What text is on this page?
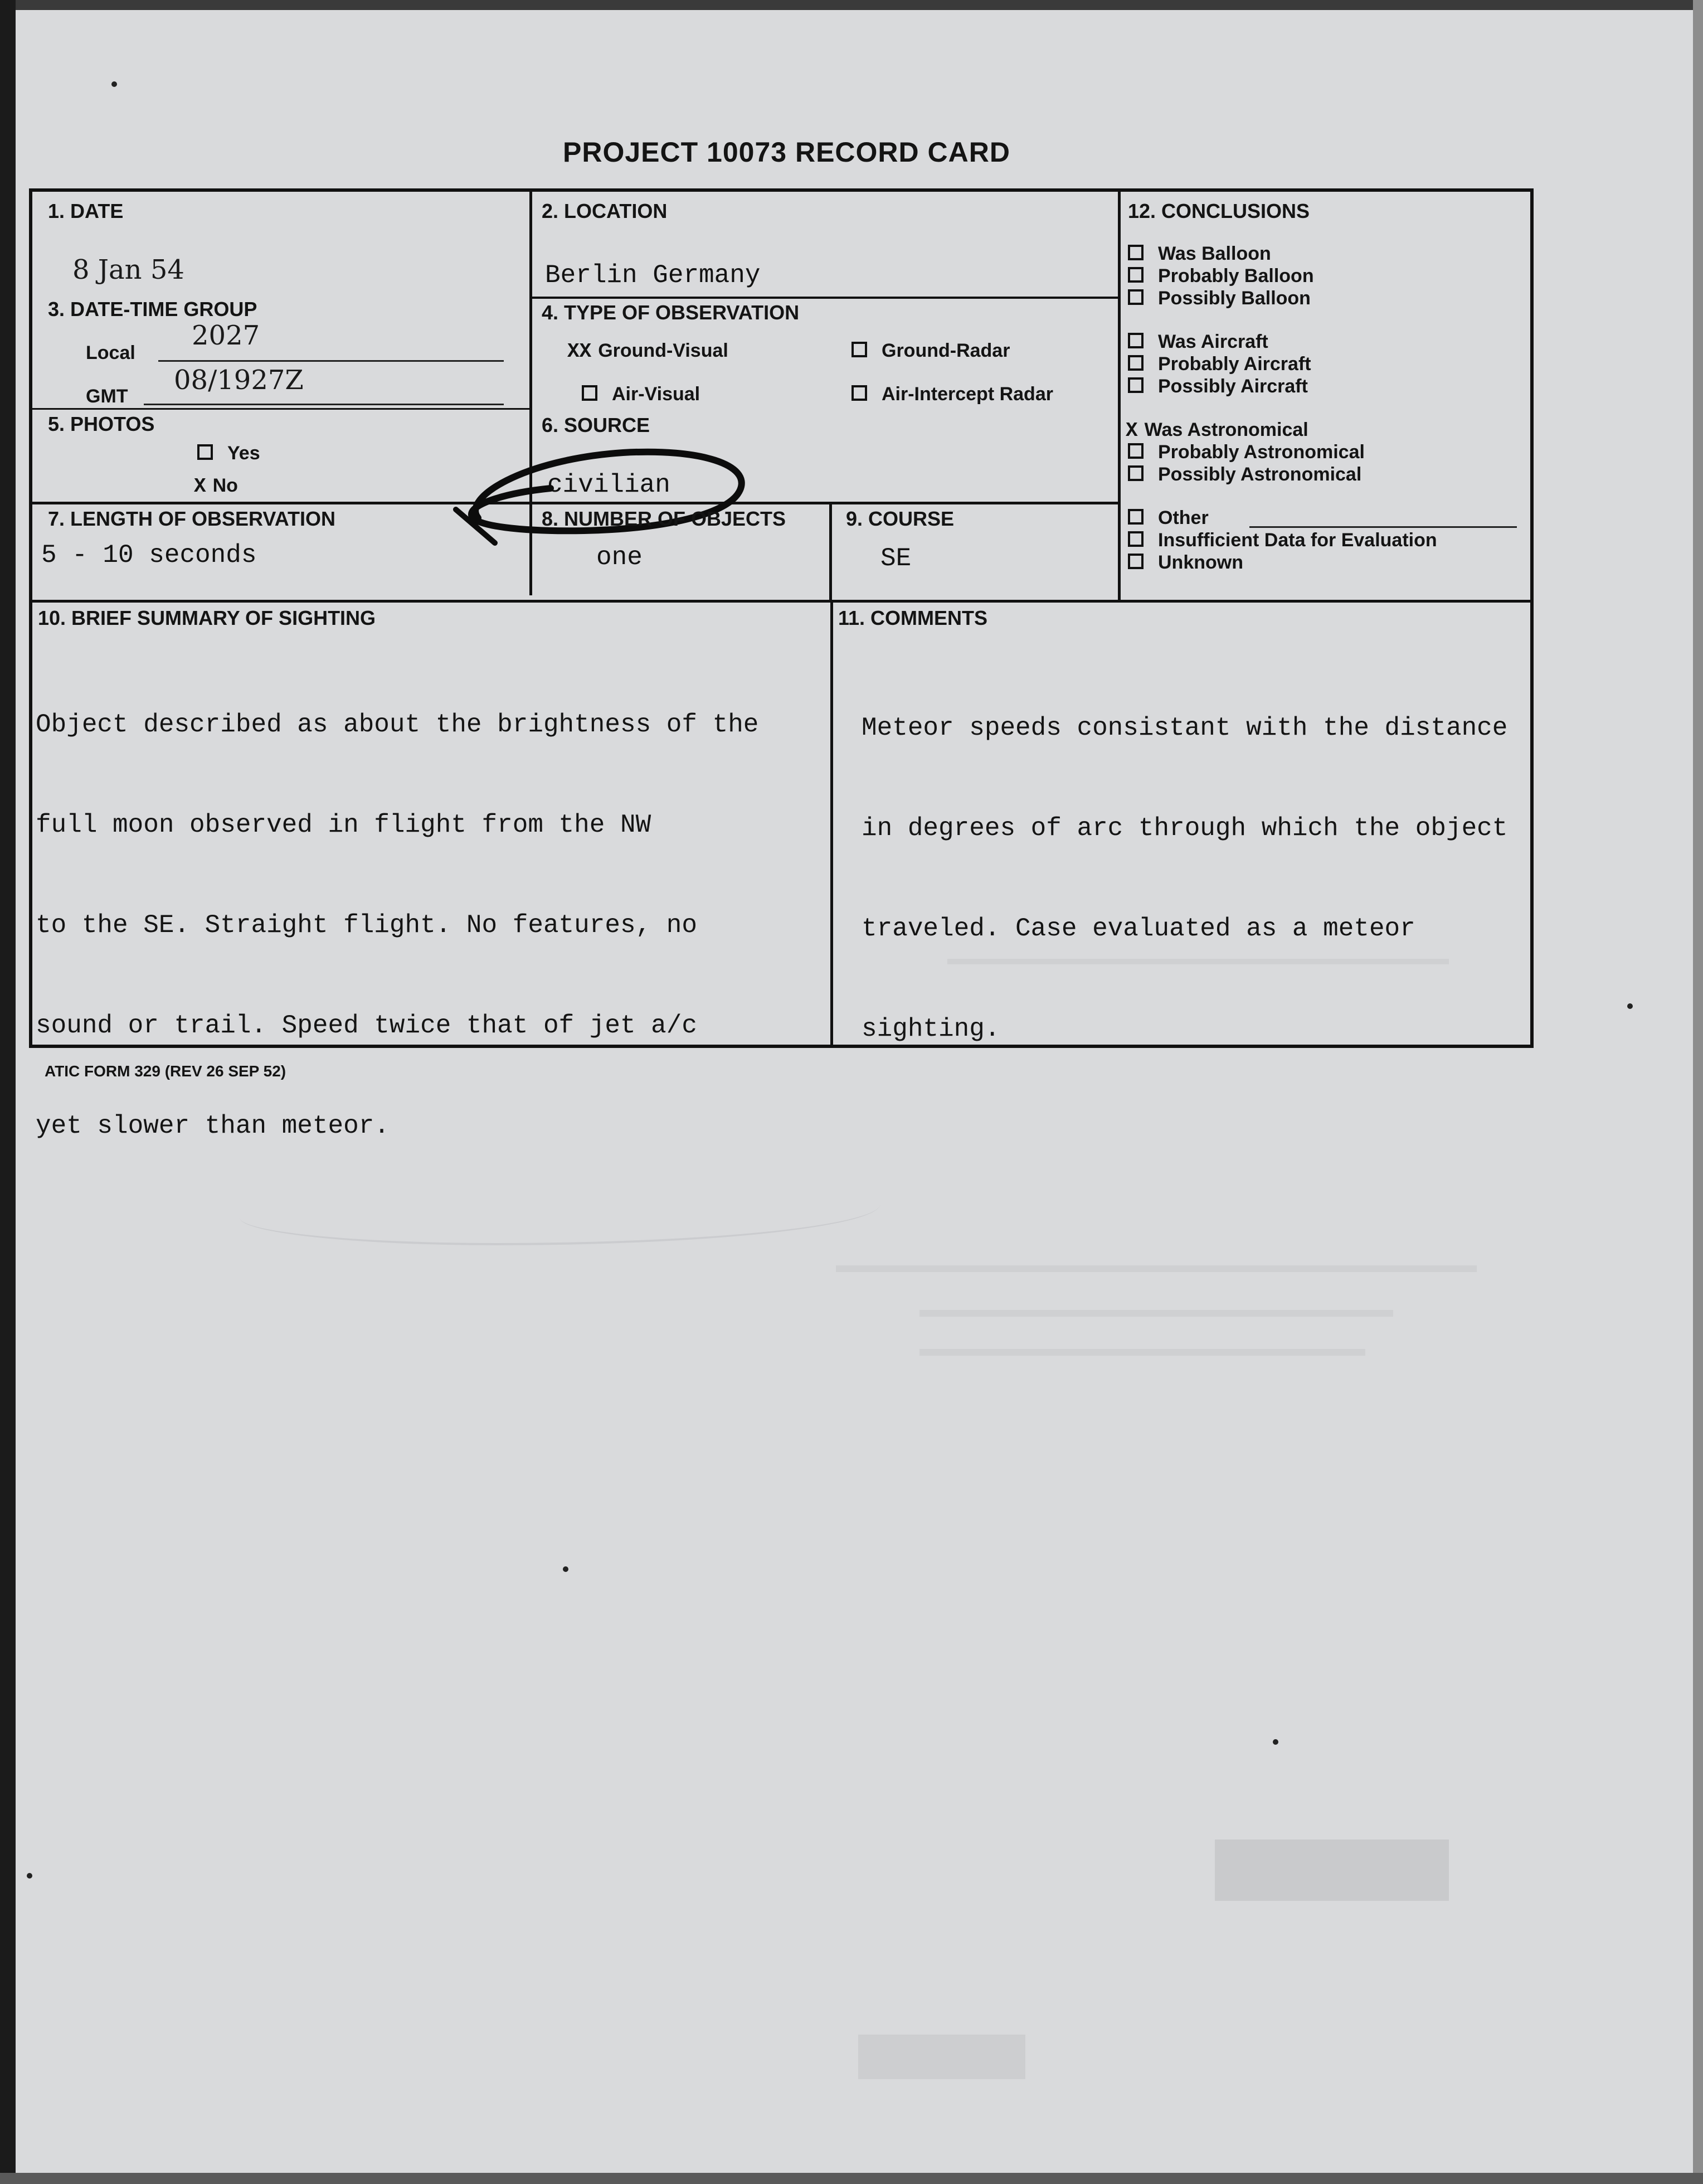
PROJECT 10073 RECORD CARD
1. DATE
8 Jan 54
2. LOCATION
Berlin Germany
3. DATE-TIME GROUP
Local
2027
GMT
08/1927Z
4. TYPE OF OBSERVATION
XX Ground-Visual	Ground-Radar
Air-Visual	Air-Intercept Radar
5. PHOTOS
Yes
X No
6. SOURCE
civilian
7. LENGTH OF OBSERVATION
5 - 10 seconds
8. NUMBER OF OBJECTS
one
9. COURSE
SE
10. BRIEF SUMMARY OF SIGHTING

Object described as about the brightness of the

full moon observed in flight from the NW

to the SE. Straight flight. No features, no

sound or trail. Speed twice that of jet a/c

yet slower than meteor.

11. COMMENTS

Meteor speeds consistant with the distance

in degrees of arc through which the object

traveled. Case evaluated as a meteor

sighting.

12. CONCLUSIONS
Was Balloon
Probably Balloon
Possibly Balloon
Was Aircraft
Probably Aircraft
Possibly Aircraft
X Was Astronomical
Probably Astronomical
Possibly Astronomical
Other
Insufficient Data for Evaluation
Unknown
ATIC FORM 329 (REV 26 SEP 52)
